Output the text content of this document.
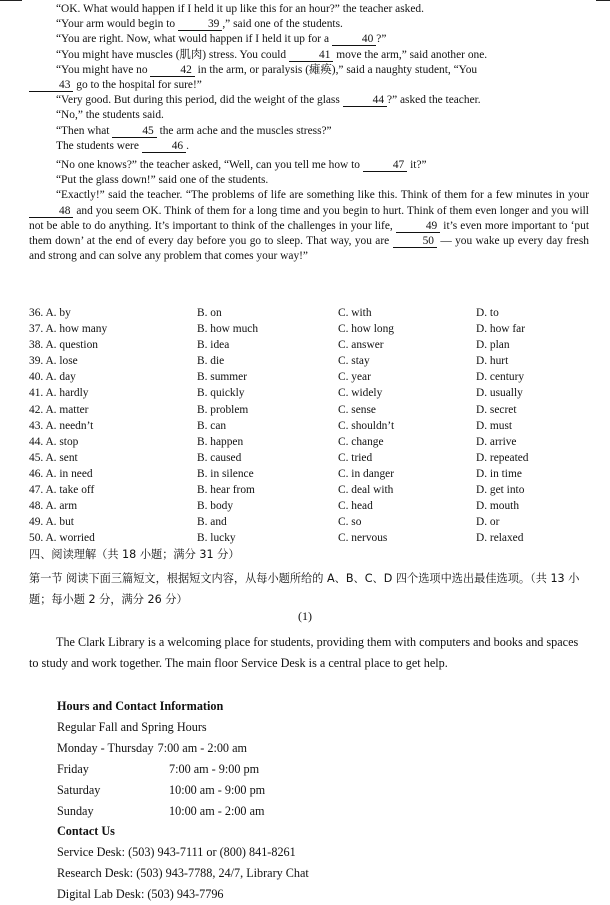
“OK. What would happen if I held it up like this for an hour?” the teacher asked.

“Your arm would begin to	39 ,” said one of the students.

“You are right. Now, what would happen if I held it up for a	40 ?”

“You might have muscles (肌肉) stress. You could	41 move the arm,” said another one.

“You might have no	42 in the arm, or paralysis (瘫痪),” said a naughty student, “You
43 go to the hospital for sure!”

“Very good. But during this period, did the weight of the glass	44 ?” asked the teacher.

“No,” the students said.

“Then what	45 the arm ache and the muscles stress?”

The students were	46 .

“No one knows?” the teacher asked, “Well, can you tell me how to	47 it?”

“Put the glass down!” said one of the students.

“Exactly!” said the teacher. “The problems of life are something like this. Think of them for a few minutes in your 48 and you seem OK. Think of them for a long time and you begin to hurt. Think of them even longer and you will not be able to do anything. It’s important to think of the challenges in your life,	49 it’s even more important to ‘put them down’ at the end of every day before you go to sleep. That way, you are	50 — you wake up every day fresh and strong and can solve any problem that comes your way!”

36. A. by	B. on	C. with	D. to
37. A. how many	B. how much	C. how long	D. how far
38. A. question	B. idea	C. answer	D. plan
39. A. lose	B. die	C. stay	D. hurt
40. A. day	B. summer	C. year	D. century
41. A. hardly	B. quickly	C. widely	D. usually
42. A. matter	B. problem	C. sense	D. secret
43. A. needn’t	B. can	C. shouldn’t	D. must
44. A. stop	B. happen	C. change	D. arrive
45. A. sent	B. caused	C. tried	D. repeated
46. A. in need	B. in silence	C. in danger	D. in time
47. A. take off	B. hear from	C. deal with	D. get into
48. A. arm	B. body	C. head	D. mouth
49. A. but	B. and	C. so	D. or
50. A. worried	B. lucky	C. nervous	D. relaxed
四、阅读理解（共 18 小题；满分 31 分）
第一节 阅读下面三篇短文，根据短文内容，从每小题所给的 A、B、C、D 四个选项中选出最佳选项。（共 13 小题；每小题 2 分，满分 26 分）
(1)

The Clark Library is a welcoming place for students, providing them with computers and books and spaces to study and work together. The main floor Service Desk is a central place to get help.

Hours and Contact Information
Regular Fall and Spring Hours
Monday - Thursday 7:00 am - 2:00 am
Friday	7:00 am - 9:00 pm
Saturday	10:00 am - 9:00 pm
Sunday	10:00 am - 2:00 am
Contact Us
Service Desk: (503) 943-7111 or (800) 841-8261
Research Desk: (503) 943-7788, 24/7, Library Chat
Digital Lab Desk: (503) 943-7796
